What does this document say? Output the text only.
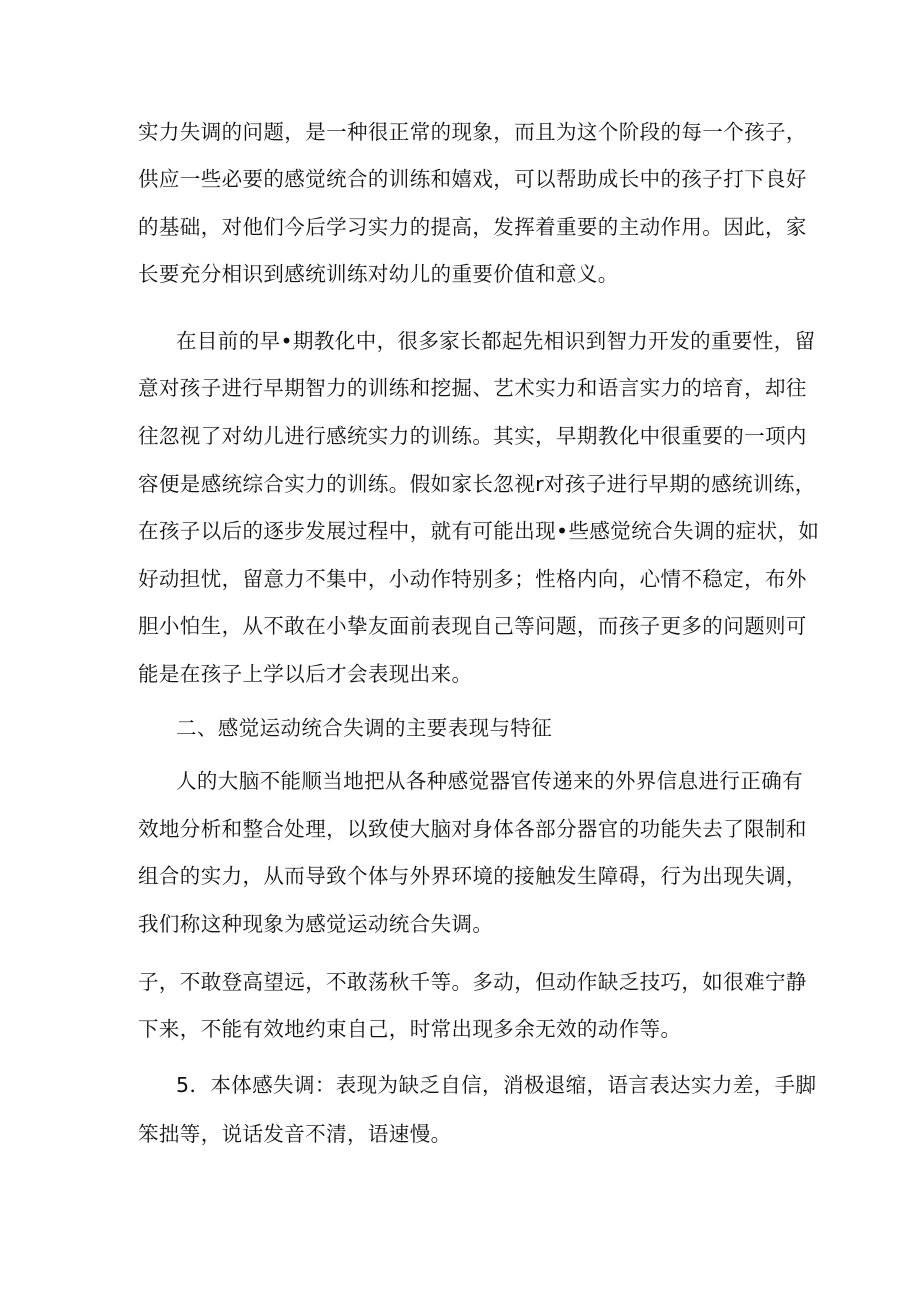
实力失调的问题，是一种很正常的现象，而且为这个阶段的每一个孩子，
供应一些必要的感觉统合的训练和嬉戏，可以帮助成长中的孩子打下良好
的基础，对他们今后学习实力的提高，发挥着重要的主动作用。因此，家
长要充分相识到感统训练对幼儿的重要价值和意义。
在目前的早•期教化中，很多家长都起先相识到智力开发的重要性，留
意对孩子进行早期智力的训练和挖掘、艺术实力和语言实力的培育，却往
往忽视了对幼儿进行感统实力的训练。其实，早期教化中很重要的一项内
容便是感统综合实力的训练。假如家长忽视r对孩子进行早期的感统训练，
在孩子以后的逐步发展过程中，就有可能出现•些感觉统合失调的症状，如
好动担忧，留意力不集中，小动作特别多；性格内向，心情不稳定，布外
胆小怕生，从不敢在小挚友面前表现自己等问题，而孩子更多的问题则可
能是在孩子上学以后才会表现出来。
二、感觉运动统合失调的主要表现与特征
人的大脑不能顺当地把从各种感觉器官传递来的外界信息进行正确有
效地分析和整合处理，以致使大脑对身体各部分器官的功能失去了限制和
组合的实力，从而导致个体与外界环境的接触发生障碍，行为出现失调，
我们称这种现象为感觉运动统合失调。
子，不敢登高望远，不敢荡秋千等。多动，但动作缺乏技巧，如很难宁静
下来，不能有效地约束自己，时常出现多余无效的动作等。
5．本体感失调：表现为缺乏自信，消极退缩，语言表达实力差，手脚
笨拙等，说话发音不清，语速慢。
